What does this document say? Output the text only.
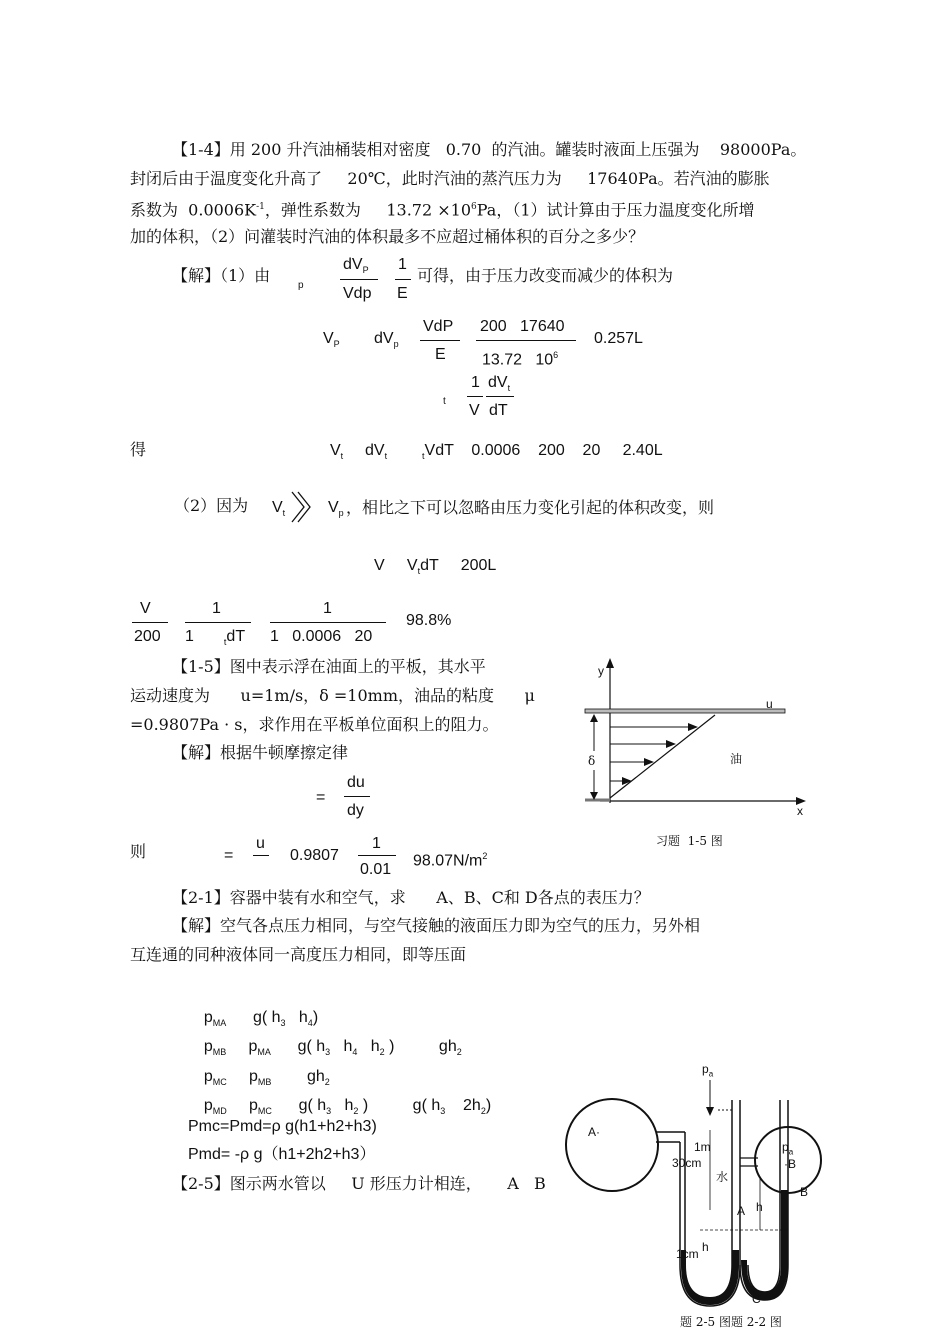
【1-4】用 200 升汽油桶装相对密度   0.70  的汽油。罐装时液面上压强为    98000Pa。
封闭后由于温度变化升高了     20℃，此时汽油的蒸汽压力为     17640Pa。若汽油的膨胀
系数为  $0.0006K^{-1}$，弹性系数为     $13.72 \times 10^6Pa$，（1）试计算由于压力温度变化所增
加的体积，（2）问灌装时汽油的体积最多不应超过桶体积的百分之多少？
【解】（1）由
p
$dV_P$
Vdp
1
E
可得，由于压力改变而减少的体积为
$V_P$ $dV_p$
VdP
E
200   17640
13.72   $10^6$
0.257L
t
1
V
$dV_t$
dT
得	$V_t$ $dV_t$	$_t$VdT    0.0006    200    20     2.40L
（2）因为 $V_t$	$V_p$ ，相比之下可以忽略由压力变化引起的体积改变，则
V     $V_tdT$     200L
V
200
1
1	$_t$dT
1
1   0.0006   20
98.8%
【1-5】图中表示浮在油面上的平板，其水平
运动速度为      u=1m/s，δ =10mm，油品的粘度      μ
=0.9807Pa · s，求作用在平板单位面积上的阻力。
【解】根据牛顿摩擦定律
=
du
dy
则	=
u
0.9807
1
0.01
$98.07N/m^2$
y
u
δ	油
x
习题  1-5 图
【2-1】容器中装有水和空气，求      A、B、C和 D各点的表压力？
【解】空气各点压力相同，与空气接触的液面压力即为空气的压力，另外相
互连通的同种液体同一高度压力相同，即等压面

$p_{MA}$      g( $h_3$   $h_4$)

$p_{MB}$     $p_{MA}$      g( $h_3$   $h_4$   $h_2$ )          $gh_2$

$p_{MC}$     $p_{MB}$        $gh_2$

$p_{MD}$     $p_{MC}$      g( $h_3$   $h_2$ )          g( $h_3$    $2h_2$)

Pmc=Pmd=ρ g(h1+h2+h3)
Pmd= -ρ g（h1+2h2+h3）
【2-5】图示两水管以     U 形压力计相连，     A   B
$p_a$
A·
1m
30cm
水
$p_a$
·B
B
A h
h
1cm
C
题 2-5 图题 2-2 图
